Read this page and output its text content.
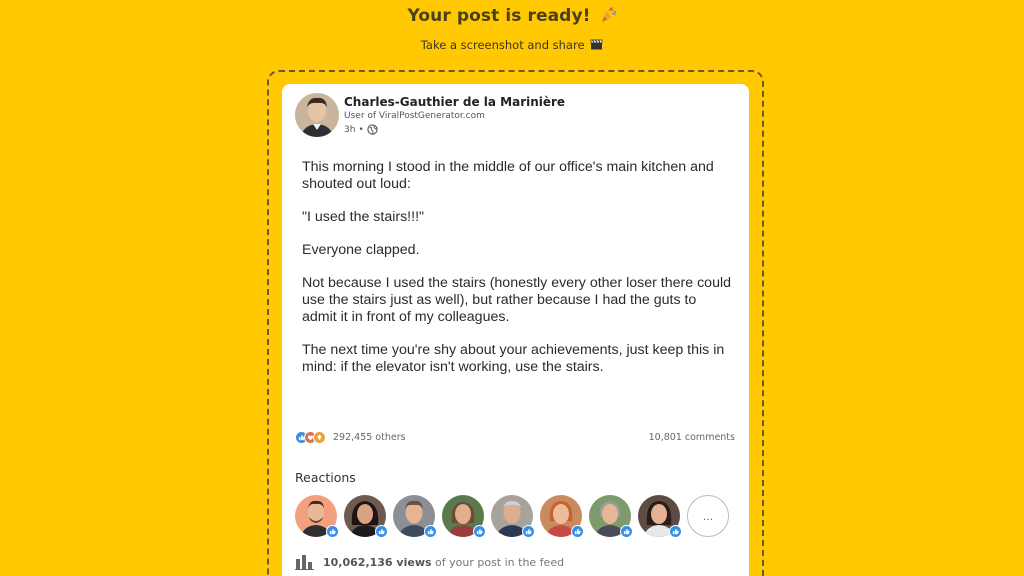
Your post is ready!
Take a screenshot and share
Charles-Gauthier de la Marinière
User of ViralPostGenerator.com
3h •

This morning I stood in the middle of our office's main kitchen and shouted out loud:

"I used the stairs!!!"

Everyone clapped.

Not because I used the stairs (honestly every other loser there could use the stairs just as well), but rather because I had the guts to admit it in front of my colleagues.

The next time you're shy about your achievements, just keep this in mind: if the elevator isn't working, use the stairs.

292,455 others	10,801 comments
Reactions
...
10,062,136 views of your post in the feed
